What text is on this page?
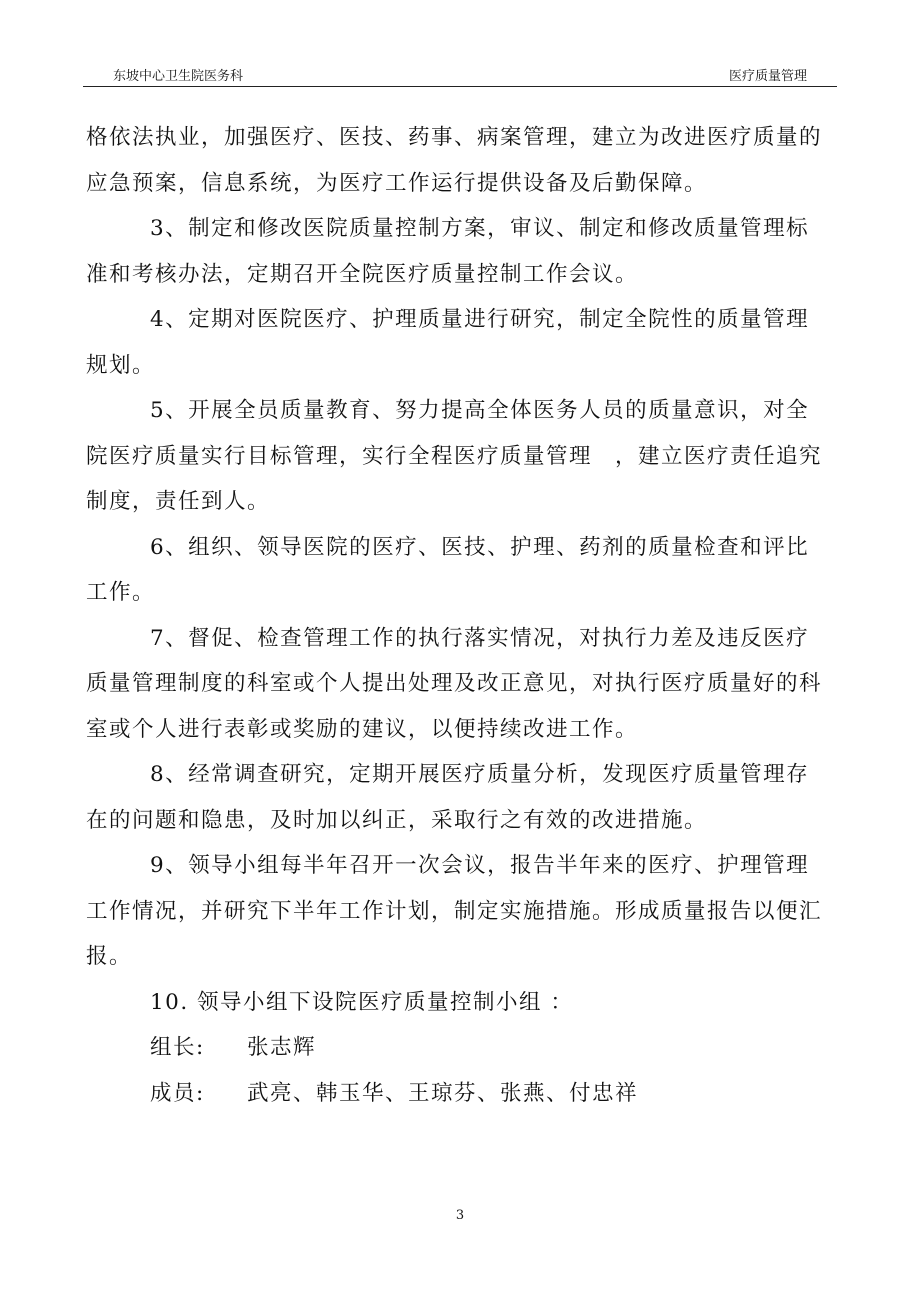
东坡中心卫生院医务科	医疗质量管理
格依法执业，加强医疗、医技、药事、病案管理，建立为改进医疗质量的
应急预案，信息系统，为医疗工作运行提供设备及后勤保障。
3、制定和修改医院质量控制方案，审议、制定和修改质量管理标
准和考核办法，定期召开全院医疗质量控制工作会议。
4、定期对医院医疗、护理质量进行研究，制定全院性的质量管理
规划。
5、开展全员质量教育、努力提高全体医务人员的质量意识，对全
院医疗质量实行目标管理，实行全程医疗质量管理　，建立医疗责任追究
制度，责任到人。
6、组织、领导医院的医疗、医技、护理、药剂的质量检查和评比
工作。
7、督促、检查管理工作的执行落实情况，对执行力差及违反医疗
质量管理制度的科室或个人提出处理及改正意见，对执行医疗质量好的科
室或个人进行表彰或奖励的建议，以便持续改进工作。
8、经常调查研究，定期开展医疗质量分析，发现医疗质量管理存
在的问题和隐患，及时加以纠正，采取行之有效的改进措施。
9、领导小组每半年召开一次会议，报告半年来的医疗、护理管理
工作情况，并研究下半年工作计划，制定实施措施。形成质量报告以便汇
报。
10. 领导小组下设院医疗质量控制小组 ：
组长: 张志辉
成员: 武亮、韩玉华、王琼芬、张燕、付忠祥
3
